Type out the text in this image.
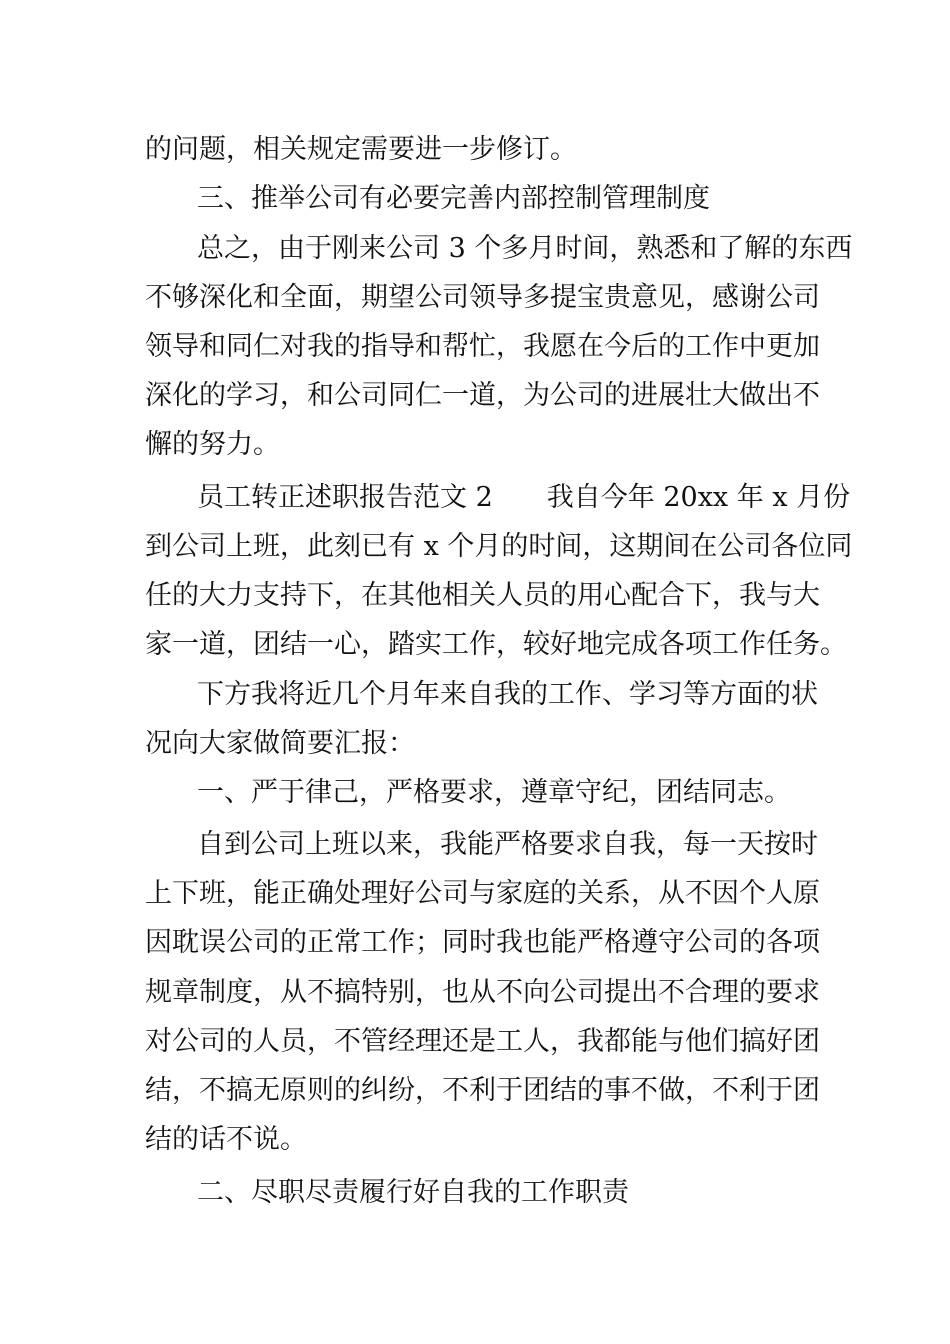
的问题，相关规定需要进一步修订。
三、推举公司有必要完善内部控制管理制度
总之，由于刚来公司 3 个多月时间，熟悉和了解的东西
不够深化和全面，期望公司领导多提宝贵意见，感谢公司
领导和同仁对我的指导和帮忙，我愿在今后的工作中更加
深化的学习，和公司同仁一道，为公司的进展壮大做出不
懈的努力。
员工转正述职报告范文 2　　我自今年 20xx 年 x 月份
到公司上班，此刻已有 x 个月的时间，这期间在公司各位同
任的大力支持下，在其他相关人员的用心配合下，我与大
家一道，团结一心，踏实工作，较好地完成各项工作任务。
下方我将近几个月年来自我的工作、学习等方面的状
况向大家做简要汇报：
一、严于律己，严格要求，遵章守纪，团结同志。
自到公司上班以来，我能严格要求自我，每一天按时
上下班，能正确处理好公司与家庭的关系，从不因个人原
因耽误公司的正常工作；同时我也能严格遵守公司的各项
规章制度，从不搞特别，也从不向公司提出不合理的要求
对公司的人员，不管经理还是工人，我都能与他们搞好团
结，不搞无原则的纠纷，不利于团结的事不做，不利于团
结的话不说。
二、尽职尽责履行好自我的工作职责
